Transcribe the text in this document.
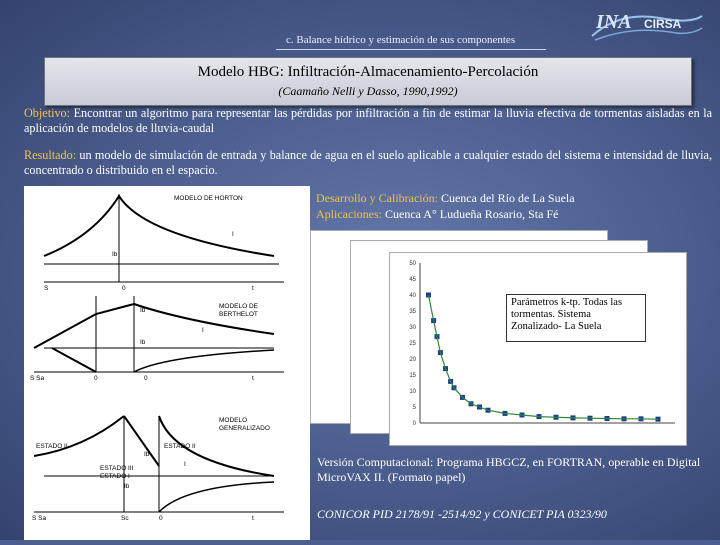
c. Balance hídrico y estimación de sus componentes
INA CIRSA
Modelo HBG: Infiltración-Almacenamiento-Percolación
(Caamaño Nelli y Dasso, 1990,1992)
Objetivo: Encontrar un algoritmo para representar las pérdidas por infiltración a fin de estimar la lluvia efectiva de tormentas aisladas en la aplicación de modelos de lluvia-caudal
Resultado: un modelo de simulación de entrada y balance de agua en el suelo aplicable a cualquier estado del sistema e intensidad de lluvia, concentrado o distribuido en el espacio.
MODELO DE HORTON
I
Ib
S	0	t
MODELO DE
BERTHELOT
Ib
I
Ib
S Sa	0	0	t
MODELO
GENERALIZADO
ESTADO II	ESTADO II
ESTADO III
ESTADO I
Ib
I
Ib
S Sa	Sc	0	t
Desarrollo y Calibración: Cuenca del Río de La Suela
Aplicaciones: Cuenca A° Ludueña Rosario, Sta Fé
0
5
10
15
20
25
30
35
40
45
50
Parámetros k-tp. Todas las tormentas. Sistema Zonalizado- La Suela
Versión Computacional: Programa HBGCZ, en FORTRAN, operable en Digital MicroVAX II. (Formato papel)
CONICOR PID 2178/91 -2514/92 y CONICET PIA 0323/90
